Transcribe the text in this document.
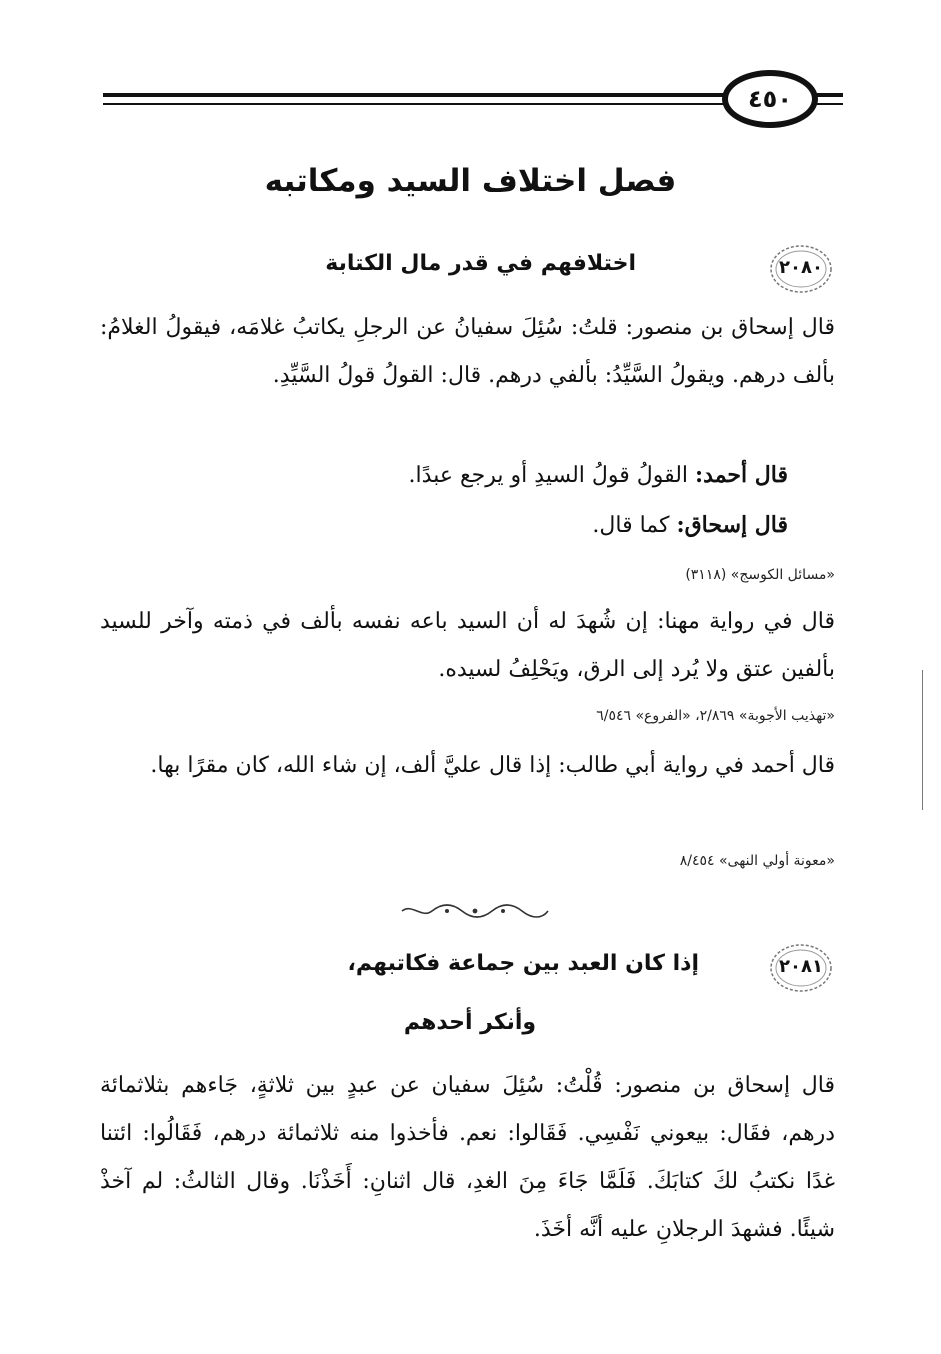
٤٥٠
فصل اختلاف السيد ومكاتبه
٢٠٨٠
اختلافهم في قدر مال الكتابة
قال إسحاق بن منصور: قلتُ: سُئِلَ سفيانُ عن الرجلِ يكاتبُ غلامَه، فيقولُ الغلامُ: بألف درهم. ويقولُ السَّيِّدُ: بألفي درهم. قال: القولُ قولُ السَّيِّدِ.
قال أحمد: القولُ قولُ السيدِ أو يرجع عبدًا.
قال إسحاق: كما قال.
«مسائل الكوسج» (٣١١٨)
قال في رواية مهنا: إن شُهدَ له أن السيد باعه نفسه بألف في ذمته وآخر للسيد بألفين عتق ولا يُرد إلى الرق، ويَحْلِفُ لسيده.
«تهذيب الأجوبة» ٢/٨٦٩، «الفروع» ٦/٥٤٦
قال أحمد في رواية أبي طالب: إذا قال عليَّ ألف، إن شاء الله، كان مقرًا بها.
«معونة أولي النهى» ٨/٤٥٤
٢٠٨١
إذا كان العبد بين جماعة فكاتبهم،
وأنكر أحدهم
قال إسحاق بن منصور: قُلْتُ: سُئِلَ سفيان عن عبدٍ بين ثلاثةٍ، جَاءهم بثلاثمائة درهم، فقَال: بيعوني نَفْسِي. فَقَالوا: نعم. فأخذوا منه ثلاثمائة درهم، فَقَالُوا: ائتنا غدًا نكتبُ لكَ كتابَكَ. فَلَمَّا جَاءَ مِنَ الغدِ، قال اثنانِ: أَخَذْنَا. وقال الثالثُ: لم آخذْ شيئًا. فشهدَ الرجلانِ عليه أنَّه أخَذَ.
